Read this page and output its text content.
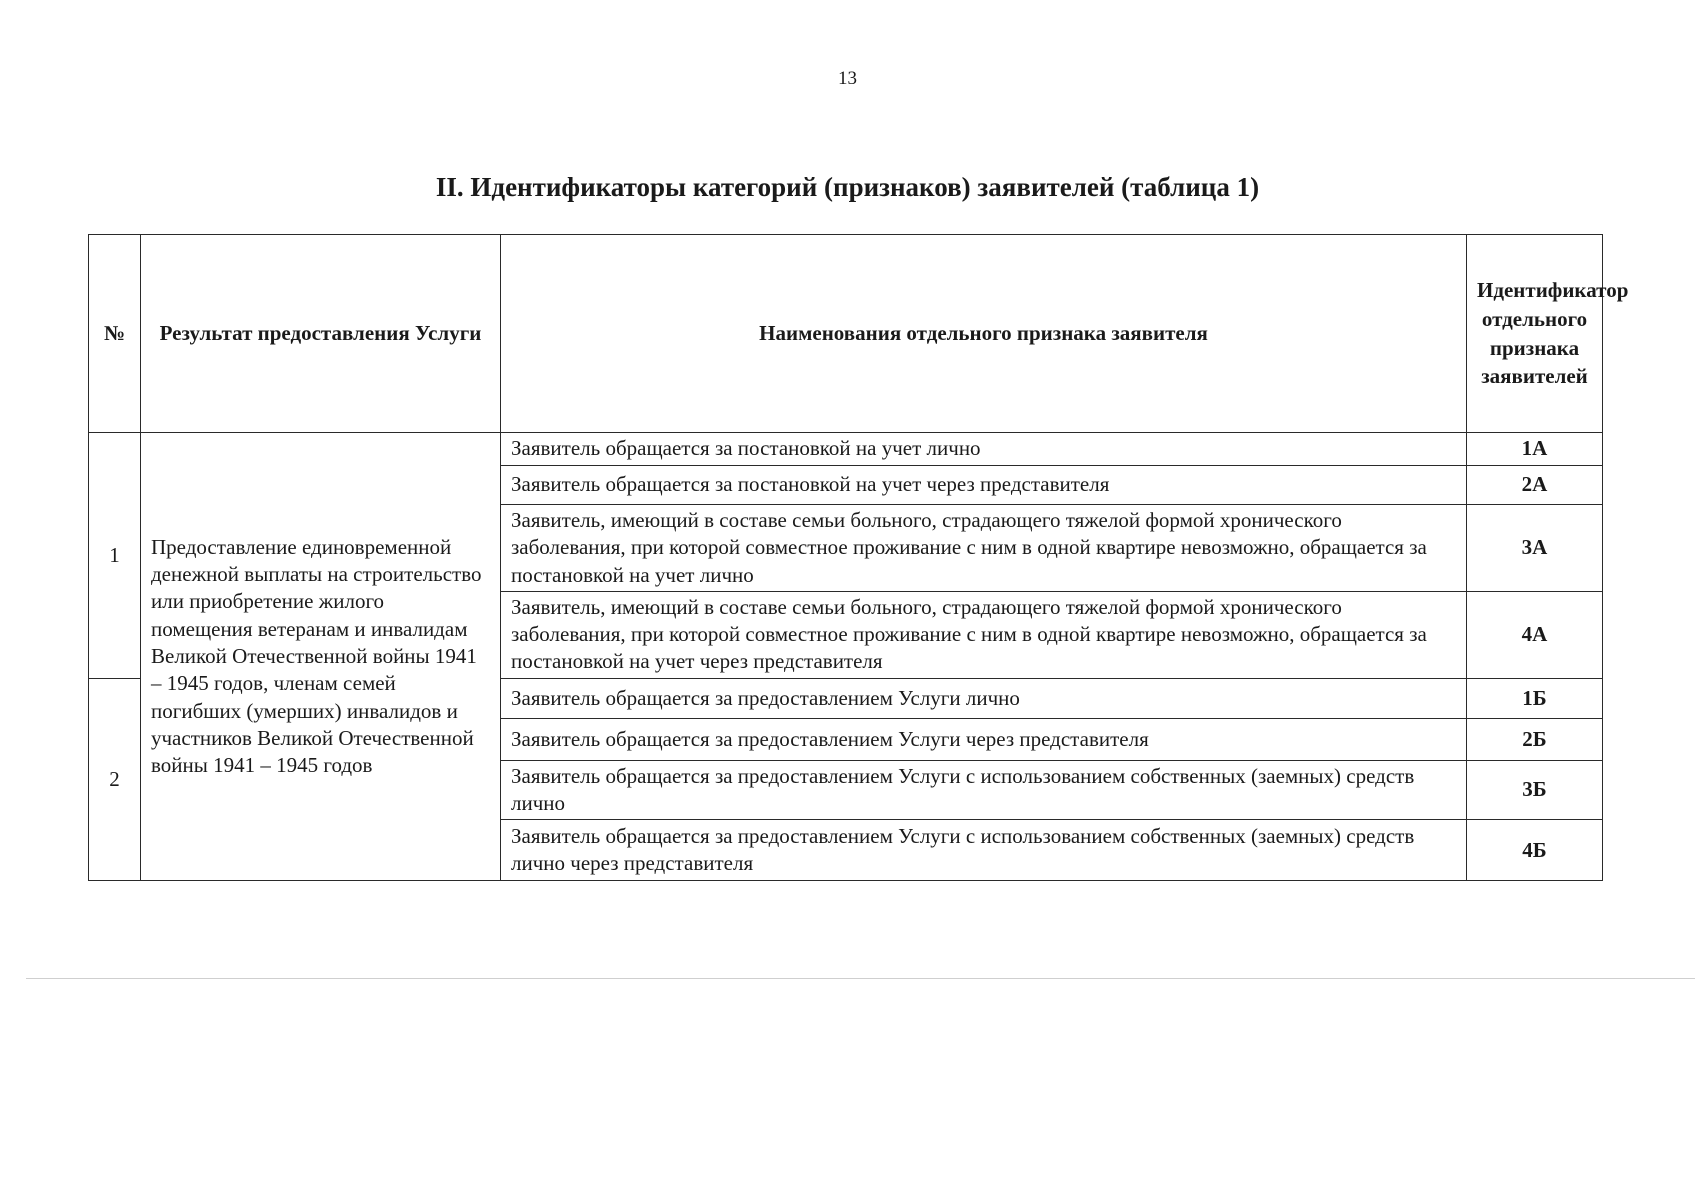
13
II. Идентификаторы категорий (признаков) заявителей (таблица 1)
№	Результат предоставления Услуги	Наименования отдельного признака заявителя	Идентификатор отдельного признака заявителей
1	Предоставление единовременной денежной выплаты на строительство или приобретение жилого помещения ветеранам и инвалидам Великой Отечественной войны 1941 – 1945 годов, членам семей погибших (умерших) инвалидов и участников Великой Отечественной войны 1941 – 1945 годов	Заявитель обращается за постановкой на учет лично	1А
		Заявитель обращается за постановкой на учет через представителя	2А
		Заявитель, имеющий в составе семьи больного, страдающего тяжелой формой хронического заболевания, при которой совместное проживание с ним в одной квартире невозможно, обращается за постановкой на учет лично	3А
		Заявитель, имеющий в составе семьи больного, страдающего тяжелой формой хронического заболевания, при которой совместное проживание с ним в одной квартире невозможно, обращается за постановкой на учет через представителя	4А
2		Заявитель обращается за предоставлением Услуги лично	1Б
		Заявитель обращается за предоставлением Услуги через представителя	2Б
		Заявитель обращается за предоставлением Услуги с использованием собственных (заемных) средств лично	3Б
		Заявитель обращается за предоставлением Услуги с использованием собственных (заемных) средств лично через представителя	4Б
